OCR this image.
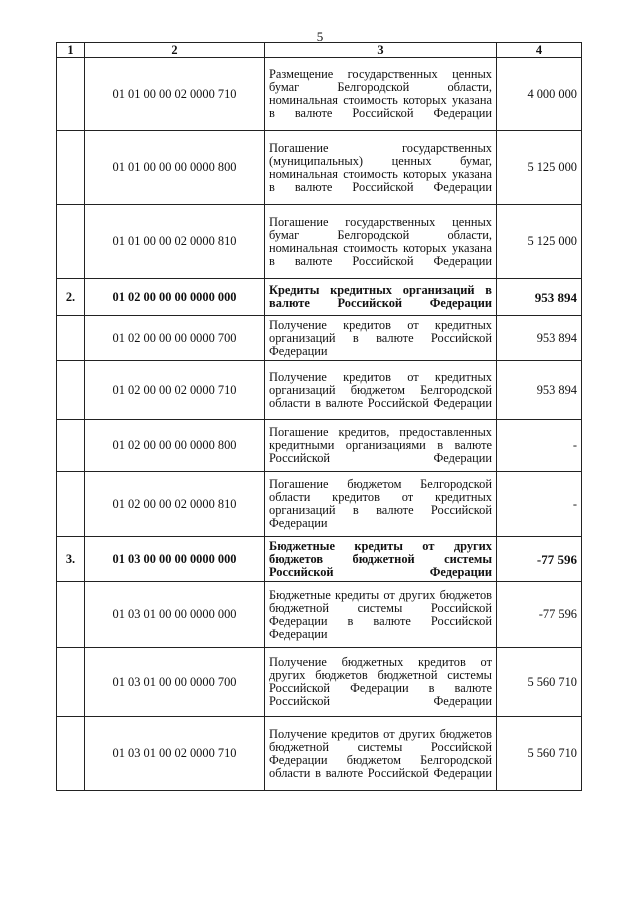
5
1	2	3	4
	01 01 00 00 02 0000 710	Размещение государственных ценных бумаг Белгородской области, номинальная стоимость которых указана в валюте Российской Федерации	4 000 000
	01 01 00 00 00 0000 800	Погашение государственных (муниципальных) ценных бумаг, номинальная стоимость которых указана в валюте Российской Федерации	5 125 000
	01 01 00 00 02 0000 810	Погашение государственных ценных бумаг Белгородской области, номинальная стоимость которых указана в валюте Российской Федерации	5 125 000
2.	01 02 00 00 00 0000 000	Кредиты кредитных организаций в валюте Российской Федерации	953 894
	01 02 00 00 00 0000 700	Получение кредитов от кредитных организаций в валюте Российской Федерации	953 894
	01 02 00 00 02 0000 710	Получение кредитов от кредитных организаций бюджетом Белгородской области в валюте Российской Федерации	953 894
	01 02 00 00 00 0000 800	Погашение кредитов, предоставленных кредитными организациями в валюте Российской Федерации	-
	01 02 00 00 02 0000 810	Погашение бюджетом Белгородской области кредитов от кредитных организаций в валюте Российской Федерации	-
3.	01 03 00 00 00 0000 000	Бюджетные кредиты от других бюджетов бюджетной системы Российской Федерации	-77 596
	01 03 01 00 00 0000 000	Бюджетные кредиты от других бюджетов бюджетной системы Российской Федерации в валюте Российской Федерации	-77 596
	01 03 01 00 00 0000 700	Получение бюджетных кредитов от других бюджетов бюджетной системы Российской Федерации в валюте Российской Федерации	5 560 710
	01 03 01 00 02 0000 710	Получение кредитов от других бюджетов бюджетной системы Российской Федерации бюджетом Белгородской области в валюте Российской Федерации	5 560 710
